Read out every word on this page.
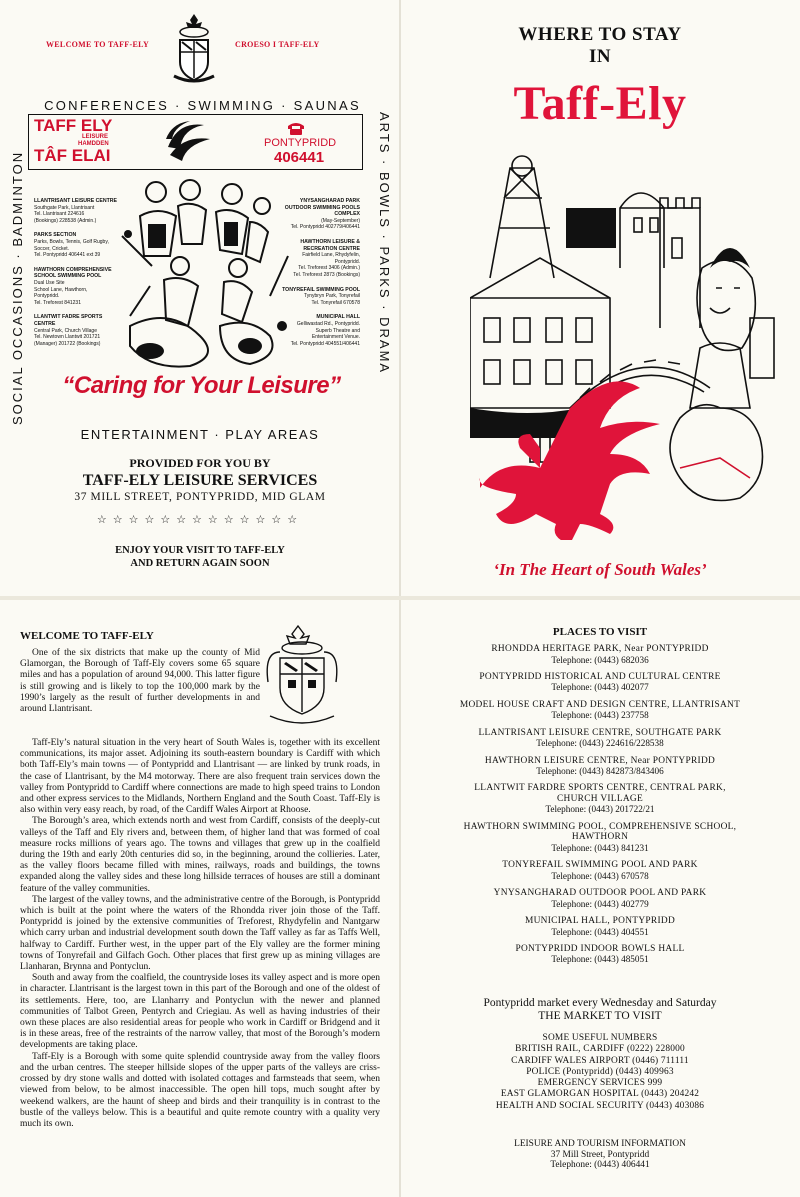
WELCOME TO TAFF-ELY	CROESO I TAFF-ELY
CONFERENCES · SWIMMING · SAUNAS
SOCIAL OCCASIONS · BADMINTON	ARTS · BOWLS · PARKS · DRAMA
TAFF ELY
LEISURE
HAMDDEN
TÂF ELAI
PONTYPRIDD
406441
LLANTRISANT LEISURE CENTRE
Southgate Park, Llantrisant
Tel. Llantrisant 224616
(Bookings) 228538 (Admin.)
PARKS SECTION
Parks, Bowls, Tennis, Golf Rugby,
Soccer, Cricket.
Tel. Pontypridd 406441 ext 39
HAWTHORN COMPREHENSIVE SCHOOL SWIMMING POOL
Dual Use Site
School Lane, Hawthorn,
Pontypridd.
Tel. Treforest 841231
LLANTWIT FADRE SPORTS CENTRE
Central Park, Church Village
Tel. Newtown Llantwit 201721
(Manager) 201722 (Bookings)
YNYSANGHARAD PARK OUTDOOR SWIMMING POOLS COMPLEX
(May-September)
Tel. Pontypridd 402779/406441
HAWTHORN LEISURE & RECREATION CENTRE
Fairfield Lane, Rhydyfelin,
Pontypridd.
Tel. Treforest 3406 (Admin.)
Tel. Treforest 2873 (Bookings)
TONYREFAIL SWIMMING POOL
Tynybryn Park, Tonyrefail
Tel. Tonyrefail 670578
MUNICIPAL HALL
Gelliwastad Rd., Pontypridd.
Superb Theatre and
Entertainment Venue.
Tel. Pontypridd 404551/406441
“Caring for Your Leisure”
ENTERTAINMENT · PLAY AREAS
PROVIDED FOR YOU BY
TAFF-ELY LEISURE SERVICES
37 MILL STREET, PONTYPRIDD, MID GLAM
☆☆☆☆☆☆☆☆☆☆☆☆☆
ENJOY YOUR VISIT TO TAFF-ELY
AND RETURN AGAIN SOON
WHERE TO STAY
IN
Taff-Ely
‘In The Heart of South Wales’
WELCOME TO TAFF-ELY

One of the six districts that make up the county of Mid Glamorgan, the Borough of Taff-Ely covers some 65 square miles and has a population of around 94,000. This latter figure is still growing and is likely to top the 100,000 mark by the 1990’s largely as the result of further developments in and around Llantrisant.

Taff-Ely’s natural situation in the very heart of South Wales is, together with its excellent communications, its major asset. Adjoining its south-eastern boundary is Cardiff with which both Taff-Ely’s main towns — of Pontypridd and Llantrisant — are linked by trunk roads, in the case of Llantrisant, by the M4 motorway. There are also frequent train services down the valley from Pontypridd to Cardiff where connections are made to high speed trains to London and other express services to the Midlands, Northern England and the South Coast. Taff-Ely is also within very easy reach, by road, of the Cardiff Wales Airport at Rhoose.

The Borough’s area, which extends north and west from Cardiff, consists of the deeply-cut valleys of the Taff and Ely rivers and, between them, of higher land that was formed of coal measure rocks millions of years ago. The towns and villages that grew up in the coalfield during the 19th and early 20th centuries did so, in the beginning, around the collieries. Later, as the valley floors became filled with mines, railways, roads and buildings, the towns expanded along the valley sides and these long hillside terraces of houses are still a dominant feature of the valley communities.

The largest of the valley towns, and the administrative centre of the Borough, is Pontypridd which is built at the point where the waters of the Rhondda river join those of the Taff. Pontypridd is joined by the extensive communities of Treforest, Rhydyfelin and Nantgarw which carry urban and industrial development south down the Taff valley as far as Taffs Well, halfway to Cardiff. Further west, in the upper part of the Ely valley are the former mining towns of Tonyrefail and Gilfach Goch. Other places that first grew up as mining villages are Llanharan, Brynna and Pontyclun.

South and away from the coalfield, the countryside loses its valley aspect and is more open in character. Llantrisant is the largest town in this part of the Borough and one of the oldest of its settlements. Here, too, are Llanharry and Pontyclun with the newer and planned communities of Talbot Green, Pentyrch and Criegiau. As well as having industries of their own these places are also residential areas for people who work in Cardiff or Bridgend and it is in these areas, free of the restraints of the narrow valley, that most of the Borough’s modern developments are taking place.

Taff-Ely is a Borough with some quite splendid countryside away from the valley floors and the urban centres. The steeper hillside slopes of the upper parts of the valleys are criss-crossed by dry stone walls and dotted with isolated cottages and farmsteads that seem, when viewed from below, to be almost inaccessible. The open hill tops, much sought after by weekend walkers, are the haunt of sheep and birds and their tranquility is in contrast to the bustle of the valleys below. This is a beautiful and quite remote country with a quality very much its own.

PLACES TO VISIT
RHONDDA HERITAGE PARK, Near PONTYPRIDD
Telephone: (0443) 682036
PONTYPRIDD HISTORICAL AND CULTURAL CENTRE
Telephone: (0443) 402077
MODEL HOUSE CRAFT AND DESIGN CENTRE, LLANTRISANT
Telephone: (0443) 237758
LLANTRISANT LEISURE CENTRE, SOUTHGATE PARK
Telephone: (0443) 224616/228538
HAWTHORN LEISURE CENTRE, Near PONTYPRIDD
Telephone: (0443) 842873/843406
LLANTWIT FARDRE SPORTS CENTRE, CENTRAL PARK, CHURCH VILLAGE
Telephone: (0443) 201722/21
HAWTHORN SWIMMING POOL, COMPREHENSIVE SCHOOL, HAWTHORN
Telephone: (0443) 841231
TONYREFAIL SWIMMING POOL AND PARK
Telephone: (0443) 670578
YNYSANGHARAD OUTDOOR POOL AND PARK
Telephone: (0443) 402779
MUNICIPAL HALL, PONTYPRIDD
Telephone: (0443) 404551
PONTYPRIDD INDOOR BOWLS HALL
Telephone: (0443) 485051
Pontypridd market every Wednesday and Saturday
THE MARKET TO VISIT
SOME USEFUL NUMBERS
BRITISH RAIL, CARDIFF (0222) 228000
CARDIFF WALES AIRPORT (0446) 711111
POLICE (Pontypridd) (0443) 409963
EMERGENCY SERVICES 999
EAST GLAMORGAN HOSPITAL (0443) 204242
HEALTH AND SOCIAL SECURITY (0443) 403086
LEISURE AND TOURISM INFORMATION
37 Mill Street, Pontypridd
Telephone: (0443) 406441
